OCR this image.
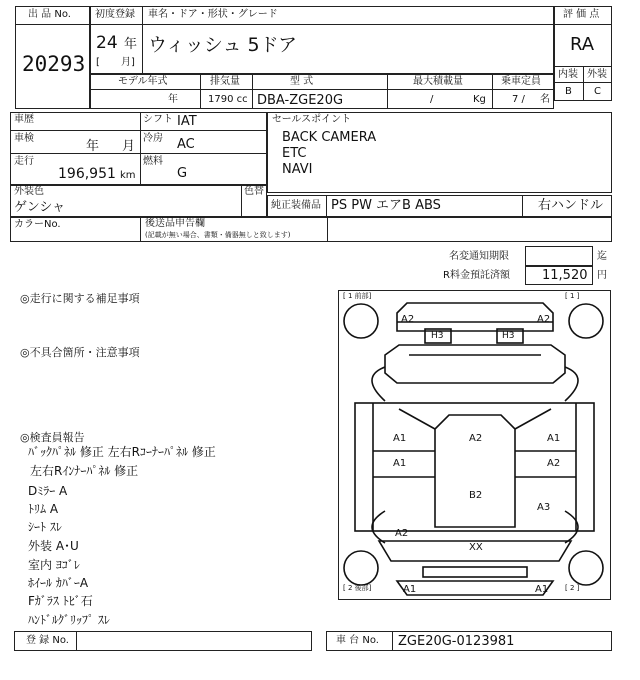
出 品 No.
20293
初度登録 車名・ドア・形状・グレード
24 年
[ 月]
ウィッシュ 5ドア
評 価 点
RA
内装 外装
B C
モデル年式	排気量	型 式	最大積載量	乗車定員
年	1790 cc DBA-ZGE20G	/	Kg	7 / 名
車歴
車検
年 月
走行
196,951 km
シフト IAT
冷房 AC
燃料
G
セールスポイント
BACK CAMERA
ETC
NAVI
外装色
ゲンシャ
色替
純正装備品 PS PW エアB ABS	右ハンドル
カラーNo.	後送品申告欄
(記載が無い場合、書類・備器無しと致します)
名変通知期限	迄
R料金預託済額 11,520 円
◎走行に関する補足事項
◎不具合箇所・注意事項
◎検査員報告
ﾊﾞｯｸﾊﾟﾈﾙ 修正 左右Rｺｰﾅｰﾊﾟﾈﾙ 修正
左右Rｲﾝﾅｰﾊﾟﾈﾙ 修正
Dﾐﾗｰ A
ﾄﾘﾑ A
ｼｰﾄ ｽﾚ
外装 A･U
室内 ﾖｺﾞﾚ
ﾎｲｰﾙ ｶﾊﾞｰA
Fｶﾞﾗｽ ﾄﾋﾞ石
ﾊﾝﾄﾞﾙｸﾞﾘｯﾌﾟ ｽﾚ
[ 1 前部]	[ 1 ]
[ 2 後部]	[ 2 ]
A2	A2
H3	H3
A1
A1
A2	A1
A2
B2
A3
A2
XX
A1	A1
登 録 No.	車 台 No. ZGE20G-0123981
